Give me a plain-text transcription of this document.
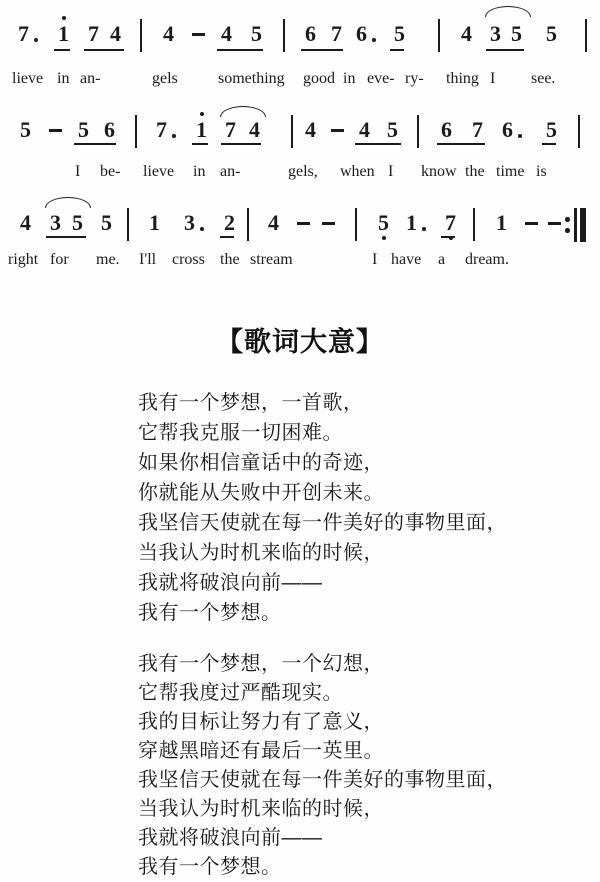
7 1 7 4 4 4 5 6 7 6 5	4 3 5 5
lieve in an-	gels	something good in eve- ry- thing I see.
5 5 6 7 1 7 4 4 4 5 6 7 6 5
I be- lieve in an-	gels, when I know the time is
4 3 5 5 1 3 2 4	5 1 7 1
right for me. I'll cross the stream	I have a dream.
【歌词大意】
我有一个梦想，一首歌，
它帮我克服一切困难。
如果你相信童话中的奇迹，
你就能从失败中开创未来。
我坚信天使就在每一件美好的事物里面，
当我认为时机来临的时候，
我就将破浪向前——
我有一个梦想。
我有一个梦想，一个幻想，
它帮我度过严酷现实。
我的目标让努力有了意义，
穿越黑暗还有最后一英里。
我坚信天使就在每一件美好的事物里面，
当我认为时机来临的时候，
我就将破浪向前——
我有一个梦想。
